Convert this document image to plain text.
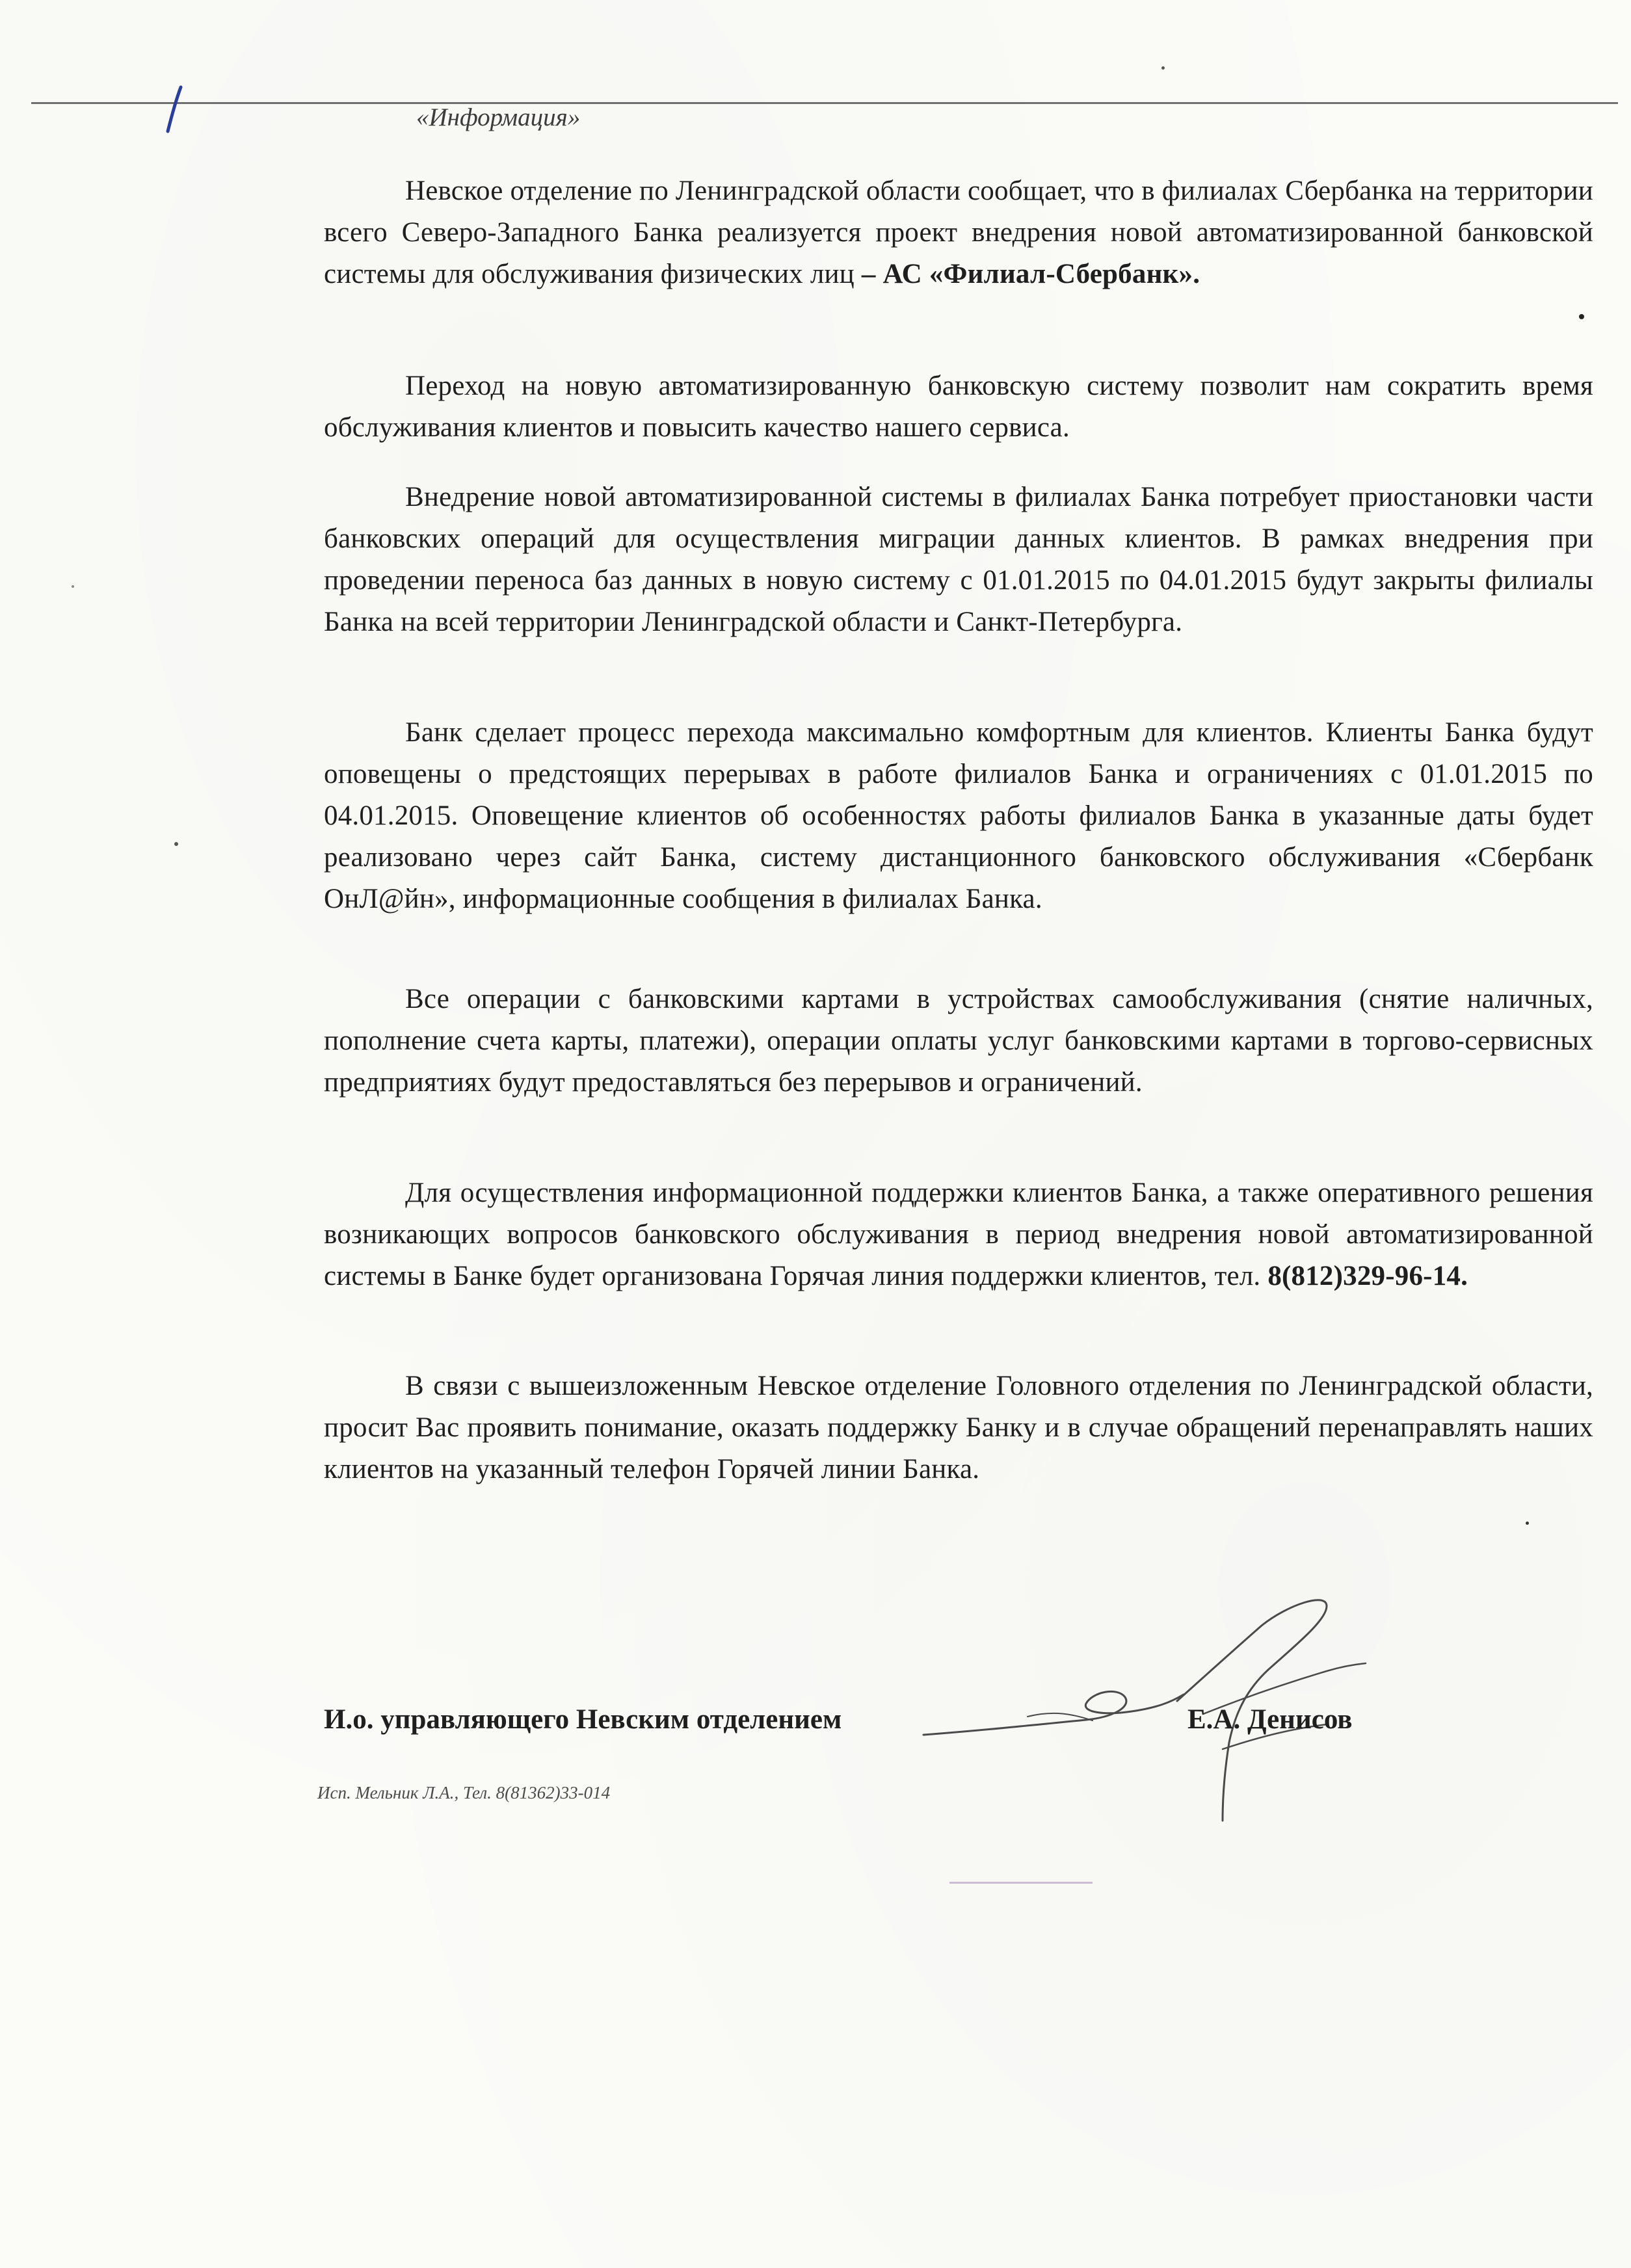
«Информация»

Невское отделение по Ленинградской области сообщает, что в филиалах Сбербанка на территории всего Северо-Западного Банка реализуется проект внедрения новой автоматизированной банковской системы для обслуживания физических лиц – АС «Филиал-Сбербанк».

Переход на новую автоматизированную банковскую систему позволит нам сократить время обслуживания клиентов и повысить качество нашего сервиса.

Внедрение новой автоматизированной системы в филиалах Банка потребует приостановки части банковских операций для осуществления миграции данных клиентов. В рамках внедрения при проведении переноса баз данных в новую систему с 01.01.2015 по 04.01.2015 будут закрыты филиалы Банка на всей территории Ленинградской области и Санкт-Петербурга.

Банк сделает процесс перехода максимально комфортным для клиентов. Клиенты Банка будут оповещены о предстоящих перерывах в работе филиалов Банка и ограничениях с 01.01.2015 по 04.01.2015. Оповещение клиентов об особенностях работы филиалов Банка в указанные даты будет реализовано через сайт Банка, систему дистанционного банковского обслуживания «Сбербанк ОнЛ@йн», информационные сообщения в филиалах Банка.

Все операции с банковскими картами в устройствах самообслуживания (снятие наличных, пополнение счета карты, платежи), операции оплаты услуг банковскими картами в торгово-сервисных предприятиях будут предоставляться без перерывов и ограничений.

Для осуществления информационной поддержки клиентов Банка, а также оперативного решения возникающих вопросов банковского обслуживания в период внедрения новой автоматизированной системы в Банке будет организована Горячая линия поддержки клиентов, тел. 8(812)329-96-14.

В связи с вышеизложенным Невское отделение Головного отделения по Ленинградской области, просит Вас проявить понимание, оказать поддержку Банку и в случае обращений перенаправлять наших клиентов на указанный телефон Горячей линии Банка.

И.о. управляющего Невским отделением	Е.А. Денисов
Исп. Мельник Л.А., Тел. 8(81362)33-014
